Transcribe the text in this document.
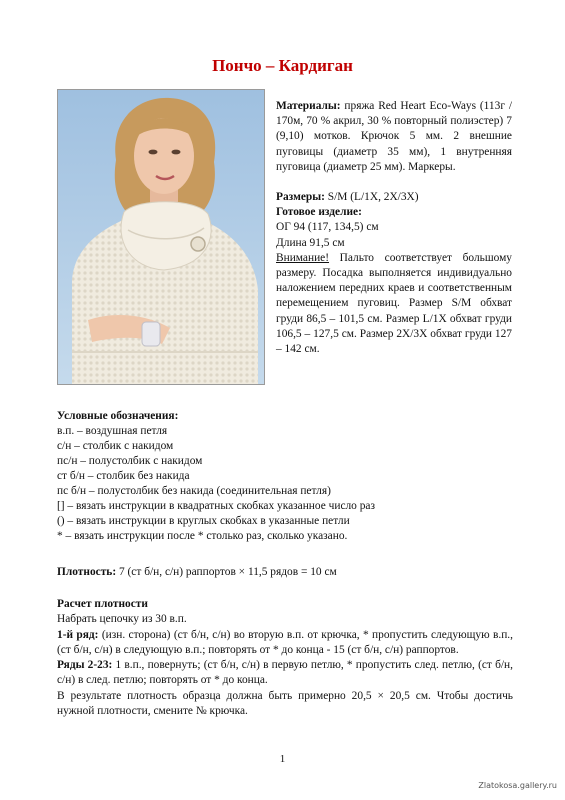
Пончо – Кардиган

Материалы: пряжа Red Heart Eco-Ways (113г / 170м, 70 % акрил, 30 % повторный полиэстер) 7 (9,10) мотков. Крючок 5 мм. 2 внешние пуговицы (диаметр 35 мм), 1 внутренняя пуговица (диаметр 25 мм). Маркеры.

Размеры: S/M (L/1X, 2X/3X)

Готовое изделие:

ОГ 94 (117, 134,5) см

Длина 91,5 см

Внимание! Пальто соответствует большому размеру. Посадка выполняется индивидуально наложением передних краев и соответственным перемещением пуговиц. Размер S/M обхват груди 86,5 – 101,5 см. Размер L/1X обхват груди 106,5 – 127,5 см. Размер 2X/3X обхват груди 127 – 142 см.

Условные обозначения:
в.п. – воздушная петля
с/н – столбик с накидом
пс/н – полустолбик с накидом
ст б/н – столбик без накида
пс б/н – полустолбик без накида (соединительная петля)
[] – вязать инструкции в квадратных скобках указанное число раз
() – вязать инструкции в круглых скобках в указанные петли
* – вязать инструкции после * столько раз, сколько указано.
Плотность: 7 (ст б/н, с/н) раппортов × 11,5 рядов = 10 см

Расчет плотности

Набрать цепочку из 30 в.п.

1-й ряд: (изн. сторона) (ст б/н, с/н) во вторую в.п. от крючка, * пропустить следующую в.п., (ст б/н, с/н) в следующую в.п.; повторять от * до конца - 15 (ст б/н, с/н) раппортов.

Ряды 2-23: 1 в.п., повернуть; (ст б/н, с/н) в первую петлю, * пропустить след. петлю, (ст б/н, с/н) в след. петлю; повторять от * до конца.

В результате плотность образца должна быть примерно 20,5 × 20,5 см. Чтобы достичь нужной плотности, смените № крючка.

1
Zlatokosa.gallery.ru
